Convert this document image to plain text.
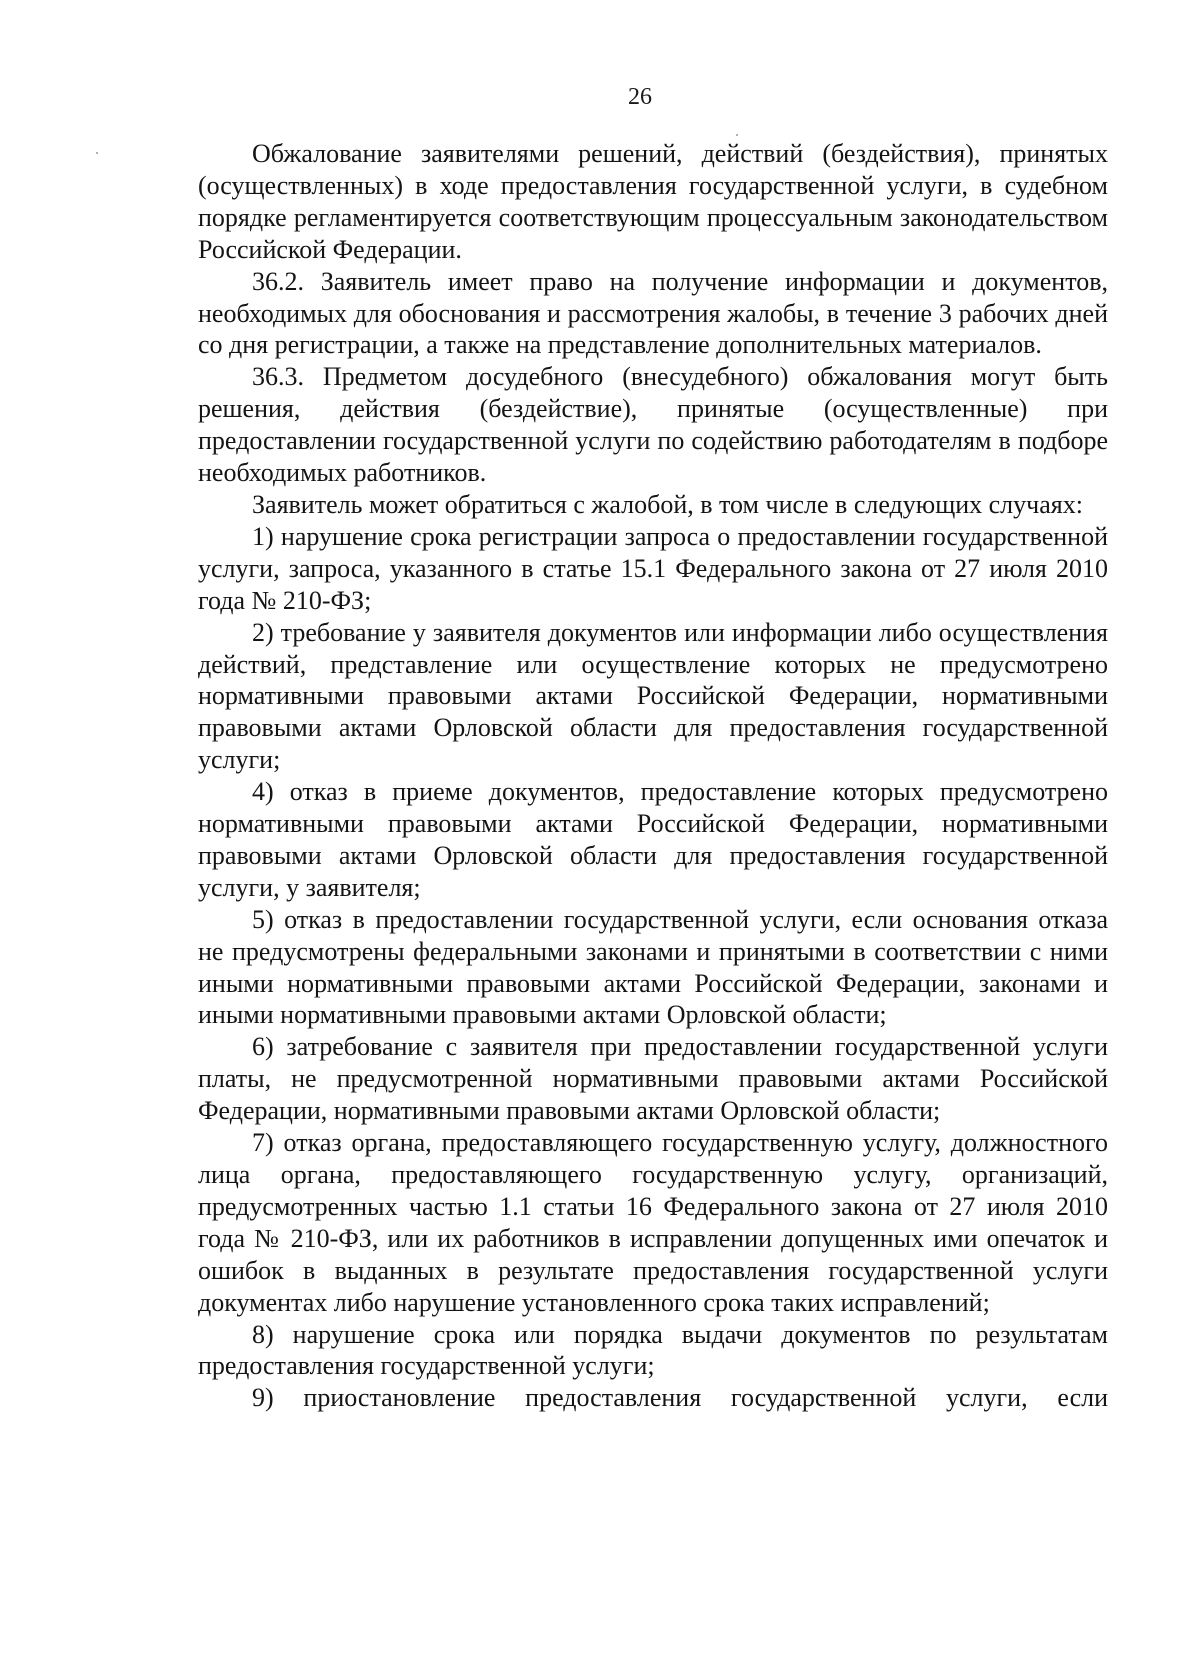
26

Обжалование заявителями решений, действий (бездействия), принятых (осуществленных) в ходе предоставления государственной услуги, в судебном порядке регламентируется соответствующим процессуальным законодательством Российской Федерации.

36.2. Заявитель имеет право на получение информации и документов, необходимых для обоснования и рассмотрения жалобы, в течение 3 рабочих дней со дня регистрации, а также на представление дополнительных материалов.

36.3. Предметом досудебного (внесудебного) обжалования могут быть решения, действия (бездействие), принятые (осуществленные) при предоставлении государственной услуги по содействию работодателям в подборе необходимых работников.

Заявитель может обратиться с жалобой, в том числе в следующих случаях:

1) нарушение срока регистрации запроса о предоставлении государственной услуги, запроса, указанного в статье 15.1 Федерального закона от 27 июля 2010 года № 210-ФЗ;

2) требование у заявителя документов или информации либо осуществления действий, представление или осуществление которых не предусмотрено нормативными правовыми актами Российской Федерации, нормативными правовыми актами Орловской области для предоставления государственной услуги;

4) отказ в приеме документов, предоставление которых предусмотрено нормативными правовыми актами Российской Федерации, нормативными правовыми актами Орловской области для предоставления государственной услуги, у заявителя;

5) отказ в предоставлении государственной услуги, если основания отказа не предусмотрены федеральными законами и принятыми в соответствии с ними иными нормативными правовыми актами Российской Федерации, законами и иными нормативными правовыми актами Орловской области;

6) затребование с заявителя при предоставлении государственной услуги платы, не предусмотренной нормативными правовыми актами Российской Федерации, нормативными правовыми актами Орловской области;

7) отказ органа, предоставляющего государственную услугу, должностного лица органа, предоставляющего государственную услугу, организаций, предусмотренных частью 1.1 статьи 16 Федерального закона от 27 июля 2010 года № 210-ФЗ, или их работников в исправлении допущенных ими опечаток и ошибок в выданных в результате предоставления государственной услуги документах либо нарушение установленного срока таких исправлений;

8) нарушение срока или порядка выдачи документов по результатам предоставления государственной услуги;

9) приостановление предоставления государственной услуги, если
